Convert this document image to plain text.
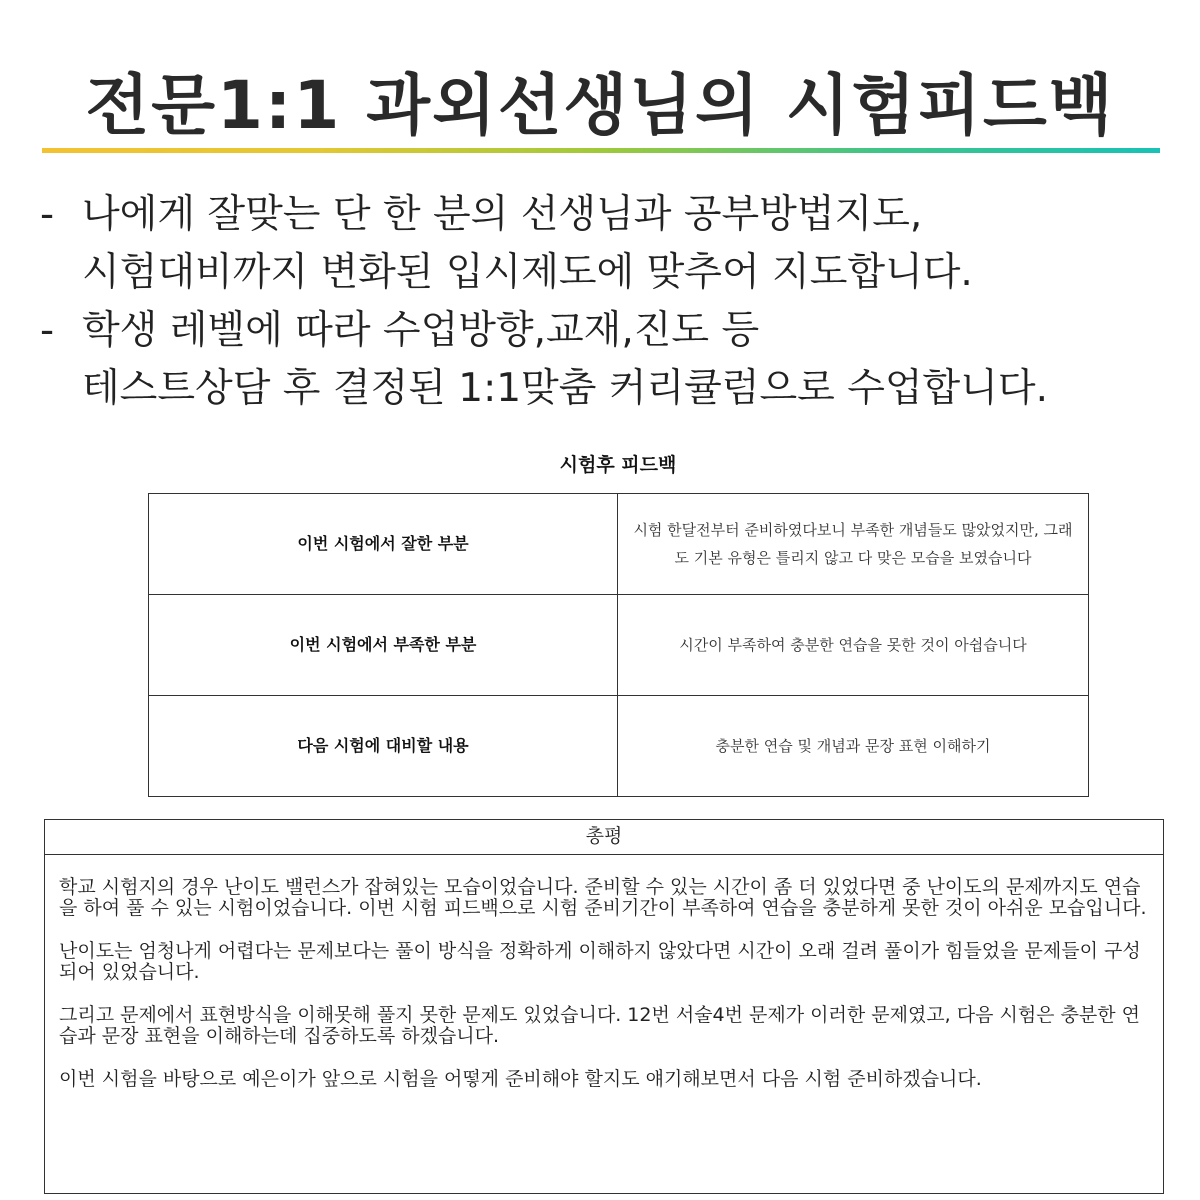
전문1:1 과외선생님의 시험피드백
- 나에게 잘맞는 단 한 분의 선생님과 공부방법지도,
시험대비까지 변화된 입시제도에 맞추어 지도합니다.
- 학생 레벨에 따라 수업방향,교재,진도 등
테스트상담 후 결정된 1:1맞춤 커리큘럼으로 수업합니다.
시험후 피드백
이번 시험에서 잘한 부분	시험 한달전부터 준비하였다보니 부족한 개념들도 많았었지만, 그래도 기본 유형은 틀리지 않고 다 맞은 모습을 보였습니다
이번 시험에서 부족한 부분	시간이 부족하여 충분한 연습을 못한 것이 아쉽습니다
다음 시험에 대비할 내용	충분한 연습 및 개념과 문장 표현 이해하기
총평

학교 시험지의 경우 난이도 밸런스가 잡혀있는 모습이었습니다. 준비할 수 있는 시간이 좀 더 있었다면 중 난이도의 문제까지도 연습을 하여 풀 수 있는 시험이었습니다. 이번 시험 피드백으로 시험 준비기간이 부족하여 연습을 충분하게 못한 것이 아쉬운 모습입니다.

난이도는 엄청나게 어렵다는 문제보다는 풀이 방식을 정확하게 이해하지 않았다면 시간이 오래 걸려 풀이가 힘들었을 문제들이 구성되어 있었습니다.

그리고 문제에서 표현방식을 이해못해 풀지 못한 문제도 있었습니다. 12번 서술4번 문제가 이러한 문제였고, 다음 시험은 충분한 연습과 문장 표현을 이해하는데 집중하도록 하겠습니다.

이번 시험을 바탕으로 예은이가 앞으로 시험을 어떻게 준비해야 할지도 얘기해보면서 다음 시험 준비하겠습니다.
